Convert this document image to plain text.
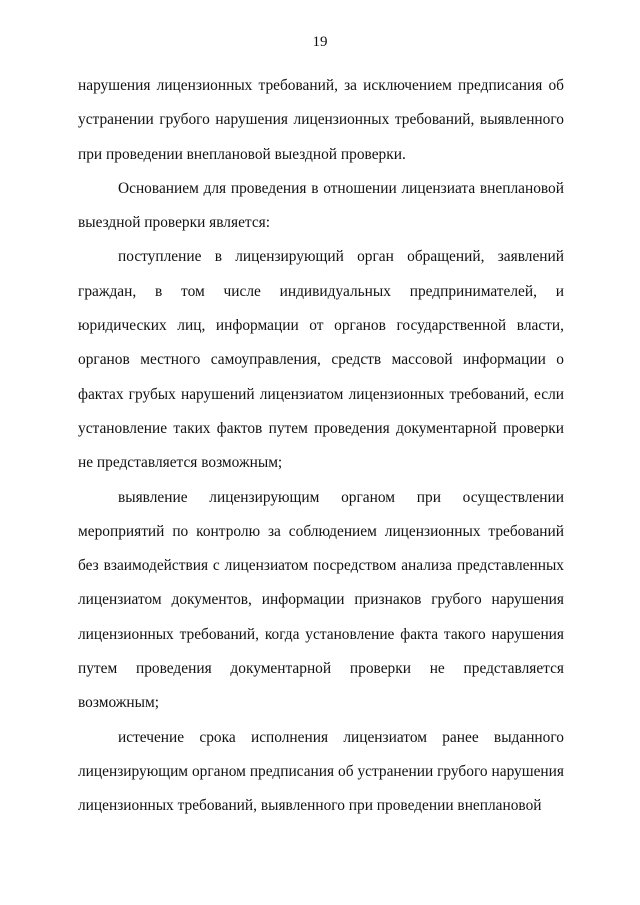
19

нарушения лицензионных требований, за исключением предписания об устранении грубого нарушения лицензионных требований, выявленного при проведении внеплановой выездной проверки.

Основанием для проведения в отношении лицензиата внеплановой выездной проверки является:

поступление в лицензирующий орган обращений, заявлений граждан, в том числе индивидуальных предпринимателей, и юридических лиц, информации от органов государственной власти, органов местного самоуправления, средств массовой информации о фактах грубых нарушений лицензиатом лицензионных требований, если установление таких фактов путем проведения документарной проверки не представляется возможным;

выявление лицензирующим органом при осуществлении мероприятий по контролю за соблюдением лицензионных требований без взаимодействия с лицензиатом посредством анализа представленных лицензиатом документов, информации признаков грубого нарушения лицензионных требований, когда установление факта такого нарушения путем проведения документарной проверки не представляется возможным;

истечение срока исполнения лицензиатом ранее выданного лицензирующим органом предписания об устранении грубого нарушения лицензионных требований, выявленного при проведении внеплановой
